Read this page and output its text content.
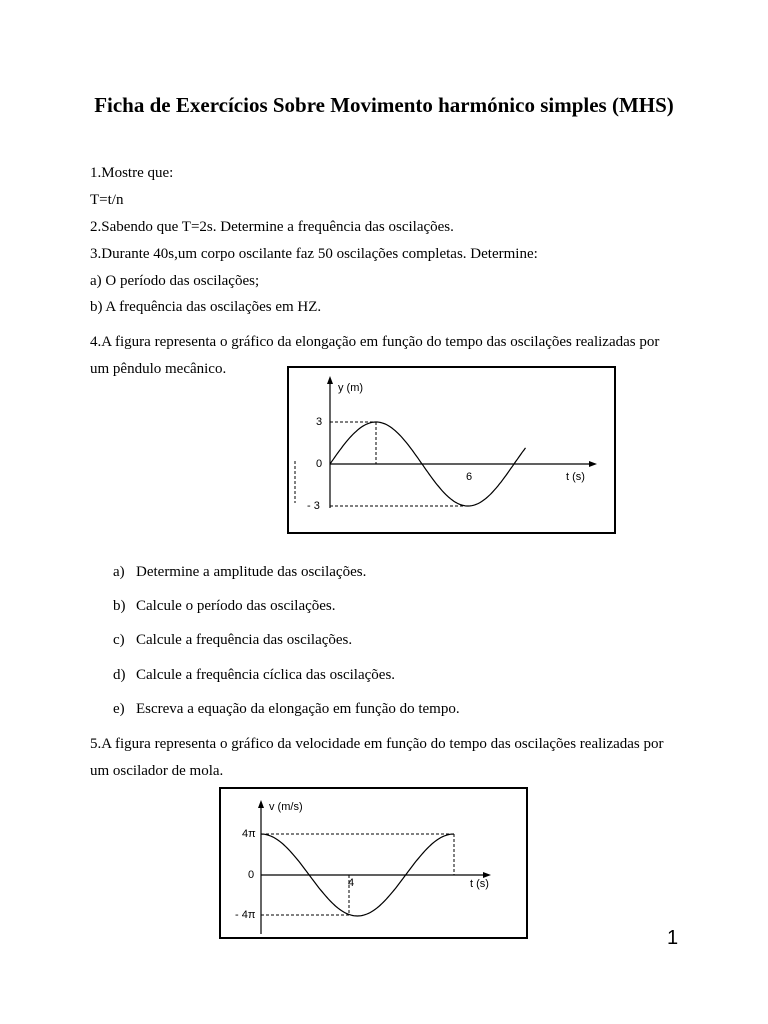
Ficha de Exercícios Sobre Movimento harmónico simples (MHS)
1.Mostre que:
T=t/n
2.Sabendo que T=2s. Determine a frequência das oscilações.
3.Durante 40s,um corpo oscilante faz 50 oscilações completas. Determine:
a) O período das oscilações;
b) A frequência das oscilações em HZ.
4.A figura representa o gráfico da elongação em função do tempo das oscilações realizadas por
um pêndulo mecânico.
y (m)
3
0
- 3
6	t (s)
a) Determine a amplitude das oscilações.
b) Calcule o período das oscilações.
c) Calcule a frequência das oscilações.
d) Calcule a frequência cíclica das oscilações.
e) Escreva a equação da elongação em função do tempo.
5.A figura representa o gráfico da velocidade em função do tempo das oscilações realizadas por
um oscilador de mola.
v (m/s)
4π
0
- 4π
4	t (s)
1
